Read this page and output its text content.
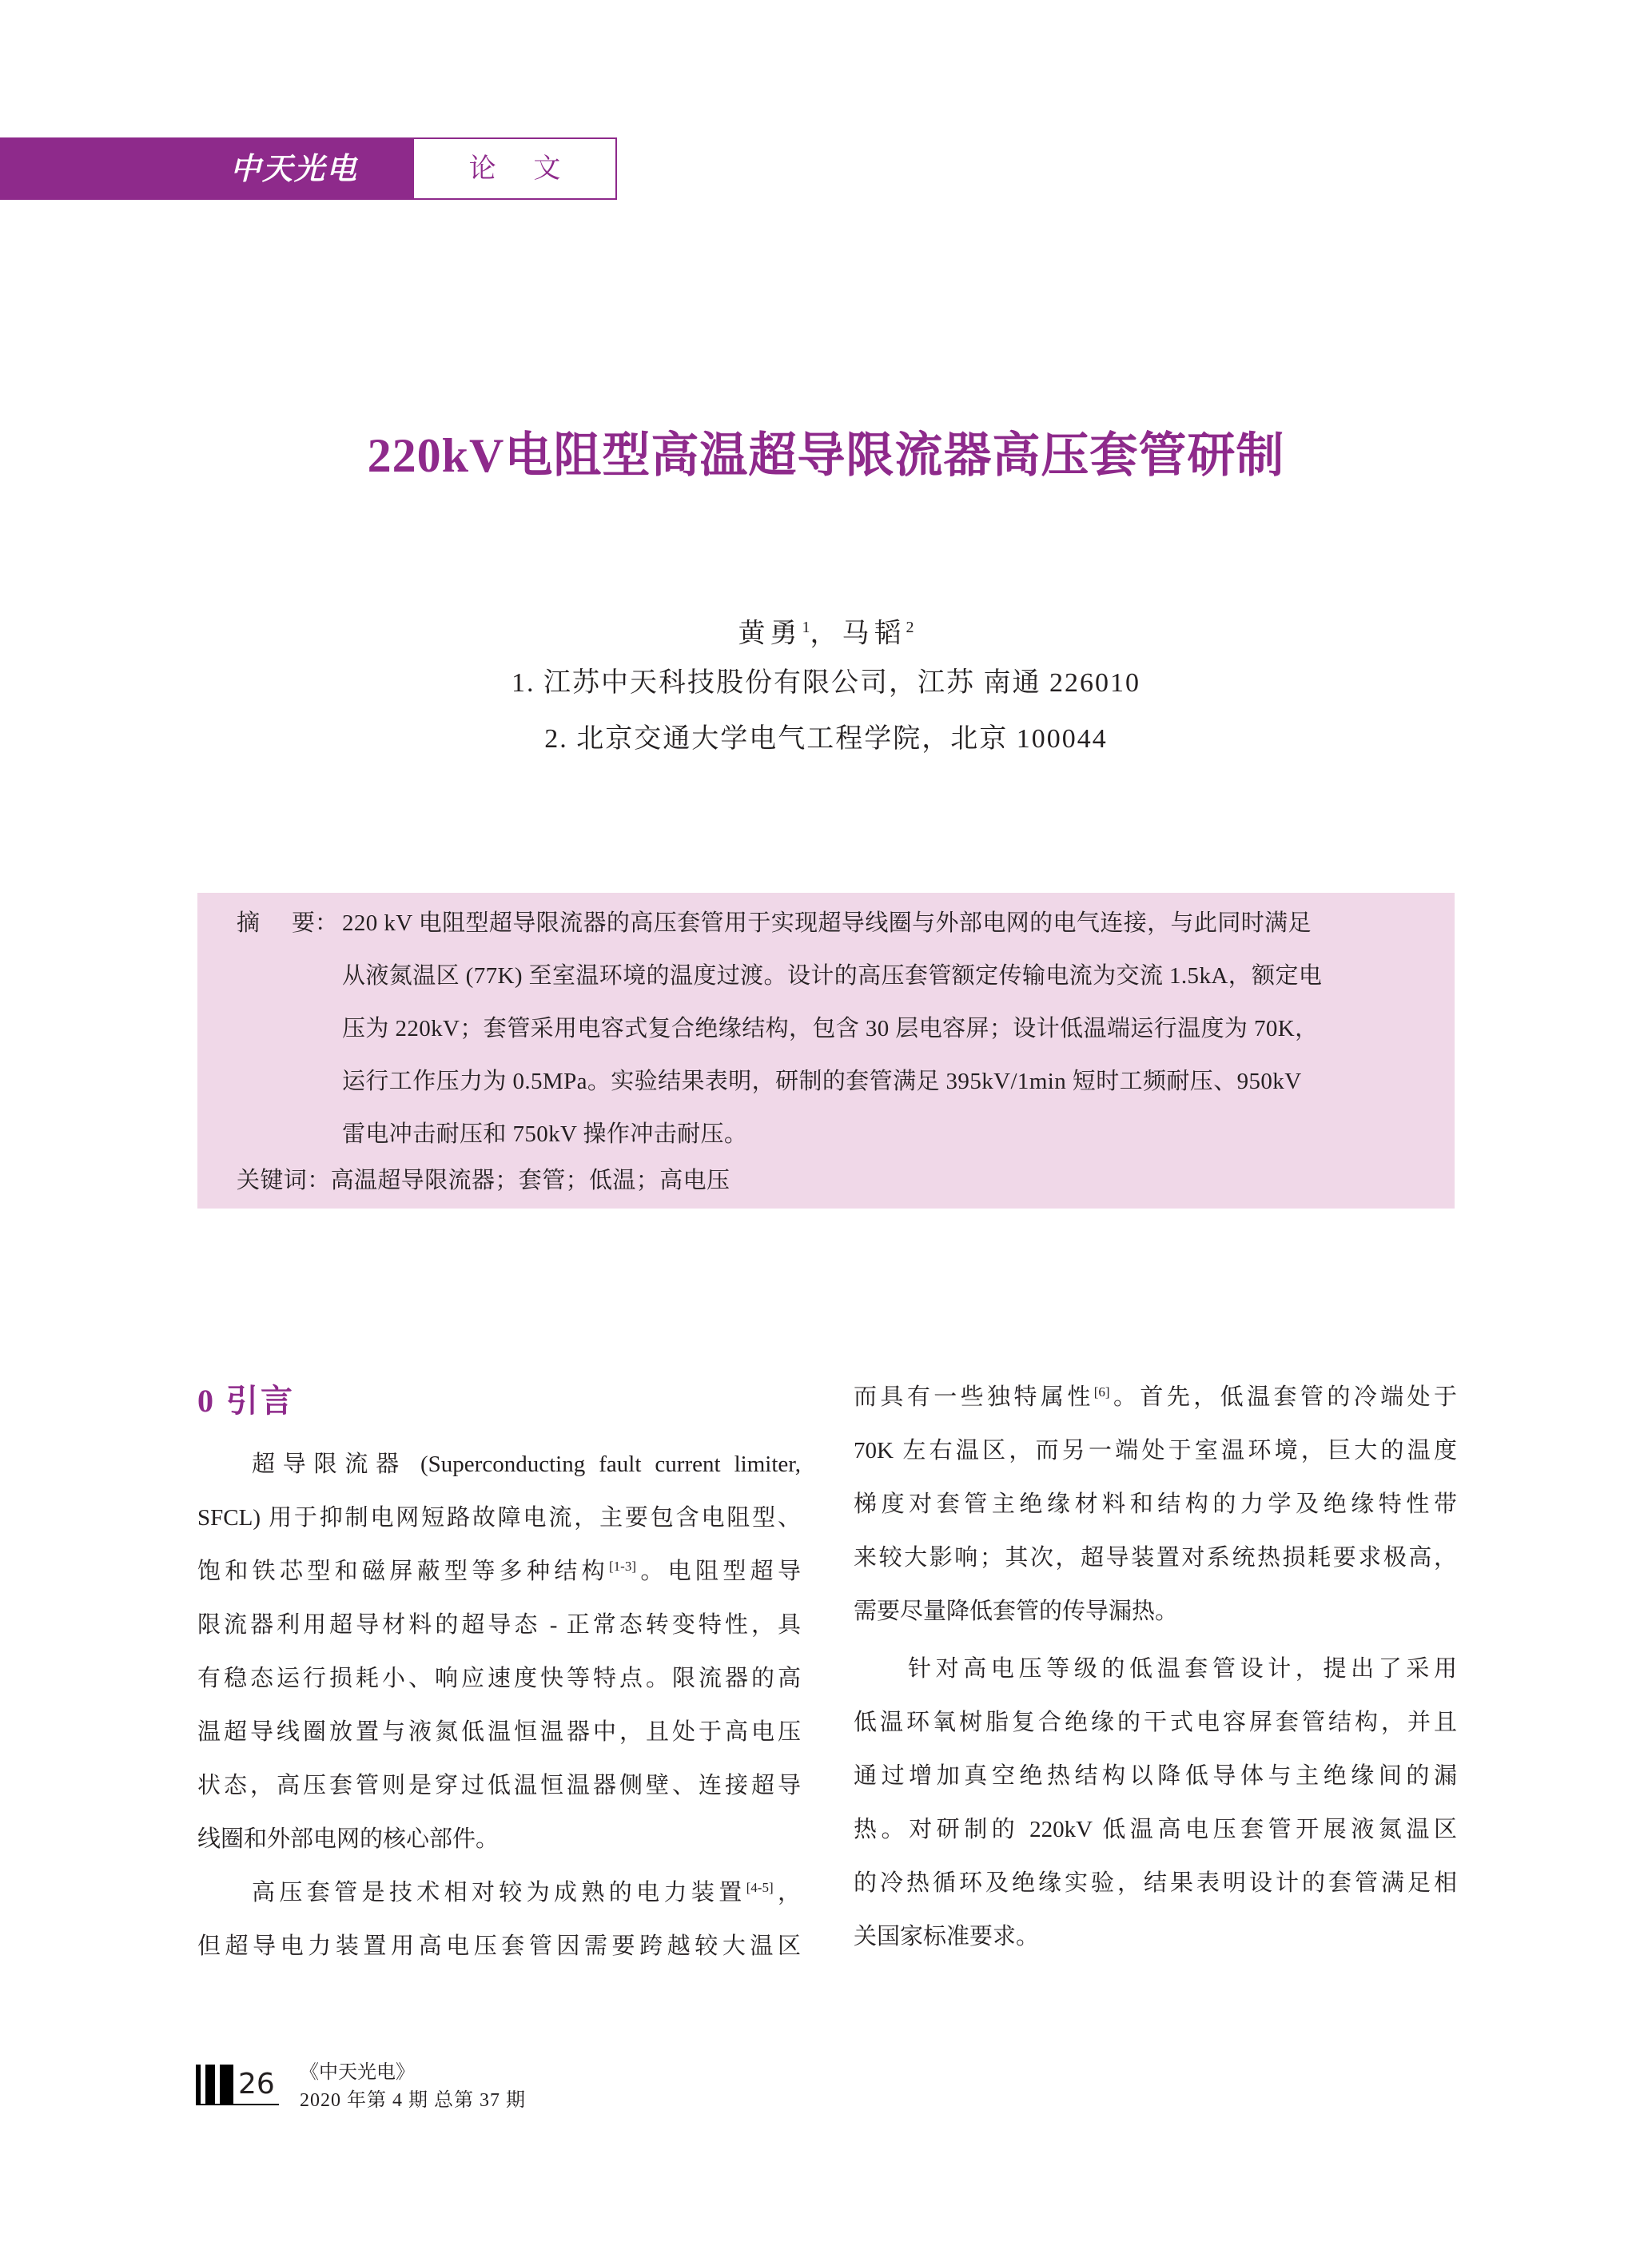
中天光电	论 文
220kV电阻型高温超导限流器高压套管研制
黄勇$^1$，马韬$^2$
1. 江苏中天科技股份有限公司，江苏 南通 226010
2. 北京交通大学电气工程学院，北京 100044
摘 要： 220 kV 电阻型超导限流器的高压套管用于实现超导线圈与外部电网的电气连接，与此同时满足
从液氮温区 (77K) 至室温环境的温度过渡。设计的高压套管额定传输电流为交流 1.5kA，额定电
压为 220kV；套管采用电容式复合绝缘结构，包含 30 层电容屏；设计低温端运行温度为 70K，
运行工作压力为 0.5MPa。实验结果表明，研制的套管满足 395kV/1min 短时工频耐压、950kV
雷电冲击耐压和 750kV 操作冲击耐压。
关键词：高温超导限流器；套管；低温；高电压
0 引言
超导限流器 (Superconducting fault current limiter,
SFCL) 用于抑制电网短路故障电流，主要包含电阻型、
饱和铁芯型和磁屏蔽型等多种结构[1-3]。电阻型超导
限流器利用超导材料的超导态 - 正常态转变特性，具
有稳态运行损耗小、响应速度快等特点。限流器的高
温超导线圈放置与液氮低温恒温器中，且处于高电压
状态，高压套管则是穿过低温恒温器侧壁、连接超导
线圈和外部电网的核心部件。
高压套管是技术相对较为成熟的电力装置[4-5]，
但超导电力装置用高电压套管因需要跨越较大温区
而具有一些独特属性[6]。首先，低温套管的冷端处于
70K 左右温区，而另一端处于室温环境，巨大的温度
梯度对套管主绝缘材料和结构的力学及绝缘特性带
来较大影响；其次，超导装置对系统热损耗要求极高，
需要尽量降低套管的传导漏热。
针对高电压等级的低温套管设计，提出了采用
低温环氧树脂复合绝缘的干式电容屏套管结构，并且
通过增加真空绝热结构以降低导体与主绝缘间的漏
热。对研制的 220kV 低温高电压套管开展液氮温区
的冷热循环及绝缘实验，结果表明设计的套管满足相
关国家标准要求。
26 《中天光电》
2020 年第 4 期 总第 37 期
